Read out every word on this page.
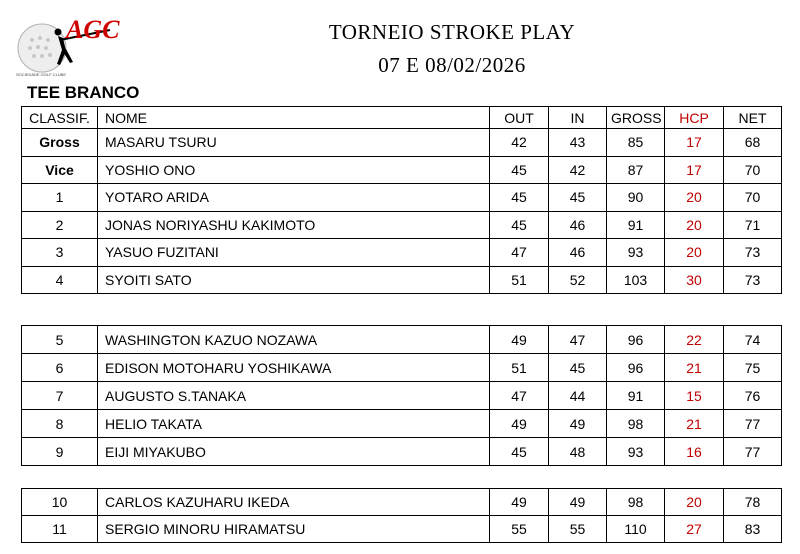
AGC
SOCIEDADE GOLF CLUBE
TORNEIO STROKE PLAY
07 E 08/02/2026
TEE BRANCO
CLASSIF.	NOME	OUT	IN	GROSS	HCP	NET
Gross	MASARU TSURU	42	43	85	17	68
Vice	YOSHIO ONO	45	42	87	17	70
1	YOTARO ARIDA	45	45	90	20	70
2	JONAS NORIYASHU KAKIMOTO	45	46	91	20	71
3	YASUO FUZITANI	47	46	93	20	73
4	SYOITI SATO	51	52	103	30	73
5	WASHINGTON KAZUO NOZAWA	49	47	96	22	74
6	EDISON MOTOHARU YOSHIKAWA	51	45	96	21	75
7	AUGUSTO S.TANAKA	47	44	91	15	76
8	HELIO TAKATA	49	49	98	21	77
9	EIJI MIYAKUBO	45	48	93	16	77
10	CARLOS KAZUHARU IKEDA	49	49	98	20	78
11	SERGIO MINORU HIRAMATSU	55	55	110	27	83
